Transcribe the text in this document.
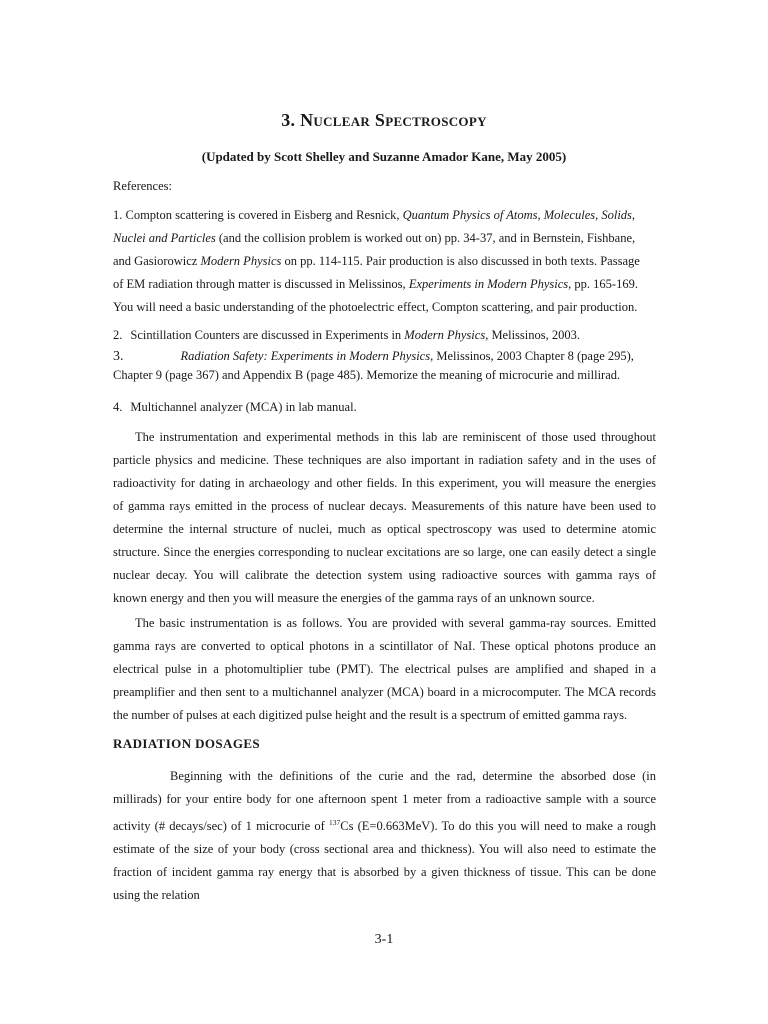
3. Nuclear Spectroscopy
(Updated by Scott Shelley and Suzanne Amador Kane, May 2005)
References:
1. Compton scattering is covered in Eisberg and Resnick, Quantum Physics of Atoms, Molecules, Solids,
Nuclei and Particles (and the collision problem is worked out on) pp. 34-37, and in Bernstein, Fishbane,
and Gasiorowicz Modern Physics on pp. 114-115. Pair production is also discussed in both texts. Passage
of EM radiation through matter is discussed in Melissinos, Experiments in Modern Physics, pp. 165-169.
You will need a basic understanding of the photoelectric effect, Compton scattering, and pair production.
2. Scintillation Counters are discussed in Experiments in Modern Physics, Melissinos, 2003.
3.	Radiation Safety: Experiments in Modern Physics, Melissinos, 2003 Chapter 8 (page 295),
Chapter 9 (page 367) and Appendix B (page 485). Memorize the meaning of microcurie and millirad.
4. Multichannel analyzer (MCA) in lab manual.
The instrumentation and experimental methods in this lab are reminiscent of those used throughout
particle physics and medicine. These techniques are also important in radiation safety and in the uses of
radioactivity for dating in archaeology and other fields. In this experiment, you will measure the energies
of gamma rays emitted in the process of nuclear decays. Measurements of this nature have been used to
determine the internal structure of nuclei, much as optical spectroscopy was used to determine atomic
structure. Since the energies corresponding to nuclear excitations are so large, one can easily detect a single
nuclear decay. You will calibrate the detection system using radioactive sources with gamma rays of
known energy and then you will measure the energies of the gamma rays of an unknown source.
The basic instrumentation is as follows. You are provided with several gamma-ray sources. Emitted
gamma rays are converted to optical photons in a scintillator of NaI. These optical photons produce an
electrical pulse in a photomultiplier tube (PMT). The electrical pulses are amplified and shaped in a
preamplifier and then sent to a multichannel analyzer (MCA) board in a microcomputer. The MCA records
the number of pulses at each digitized pulse height and the result is a spectrum of emitted gamma rays.
RADIATION DOSAGES
Beginning with the definitions of the curie and the rad, determine the absorbed dose (in
millirads) for your entire body for one afternoon spent 1 meter from a radioactive sample with a source
activity (# decays/sec) of 1 microcurie of $^{137}$Cs (E=0.663MeV). To do this you will need to make a rough
estimate of the size of your body (cross sectional area and thickness). You will also need to estimate the
fraction of incident gamma ray energy that is absorbed by a given thickness of tissue. This can be done
using the relation
3-1
